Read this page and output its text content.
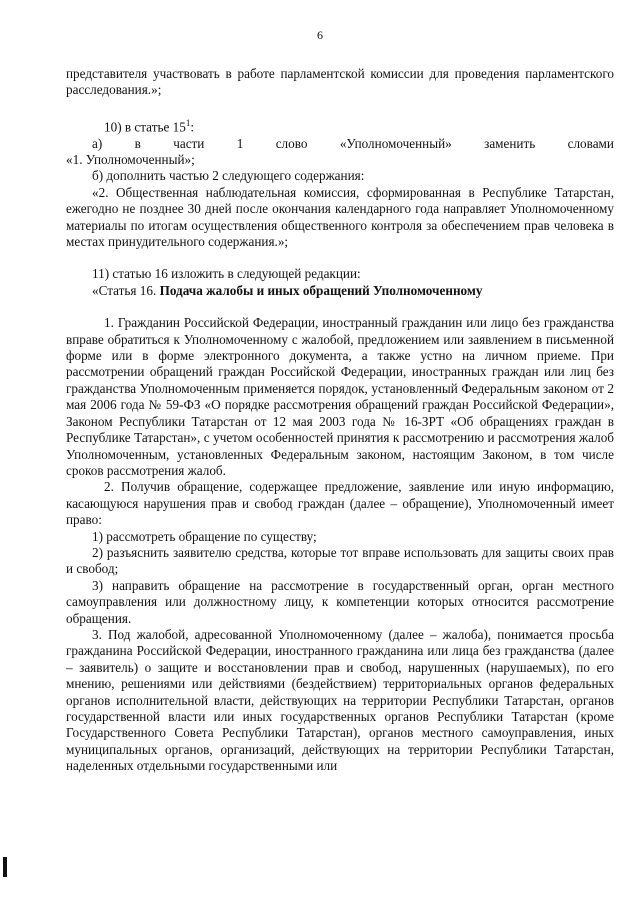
6

представителя участвовать в работе парламентской комиссии для проведения парламентского расследования.»;

10) в статье $15^1$:

а) в части 1 слово «Уполномоченный» заменить словами

«1. Уполномоченный»;

б) дополнить частью 2 следующего содержания:

«2. Общественная наблюдательная комиссия, сформированная в Республике Татарстан, ежегодно не позднее 30 дней после окончания календарного года направляет Уполномоченному материалы по итогам осуществления общественного контроля за обеспечением прав человека в местах принудительного содержания.»;

11) статью 16 изложить в следующей редакции:

«Статья 16. Подача жалобы и иных обращений Уполномоченному

1. Гражданин Российской Федерации, иностранный гражданин или лицо без гражданства вправе обратиться к Уполномоченному с жалобой, предложением или заявлением в письменной форме или в форме электронного документа, а также устно на личном приеме. При рассмотрении обращений граждан Российской Федерации, иностранных граждан или лиц без гражданства Уполномоченным применяется порядок, установленный Федеральным законом от 2 мая 2006 года № 59-ФЗ «О порядке рассмотрения обращений граждан Российской Федерации», Законом Республики Татарстан от 12 мая 2003 года № 16-ЗРТ «Об обращениях граждан в Республике Татарстан», с учетом особенностей принятия к рассмотрению и рассмотрения жалоб Уполномоченным, установленных Федеральным законом, настоящим Законом, в том числе сроков рассмотрения жалоб.

2. Получив обращение, содержащее предложение, заявление или иную информацию, касающуюся нарушения прав и свобод граждан (далее – обращение), Уполномоченный имеет право:

1) рассмотреть обращение по существу;

2) разъяснить заявителю средства, которые тот вправе использовать для защиты своих прав и свобод;

3) направить обращение на рассмотрение в государственный орган, орган местного самоуправления или должностному лицу, к компетенции которых относится рассмотрение обращения.

3. Под жалобой, адресованной Уполномоченному (далее – жалоба), понимается просьба гражданина Российской Федерации, иностранного гражданина или лица без гражданства (далее – заявитель) о защите и восстановлении прав и свобод, нарушенных (нарушаемых), по его мнению, решениями или действиями (бездействием) территориальных органов федеральных органов исполнительной власти, действующих на территории Республики Татарстан, органов государственной власти или иных государственных органов Республики Татарстан (кроме Государственного Совета Республики Татарстан), органов местного самоуправления, иных муниципальных органов, организаций, действующих на территории Республики Татарстан, наделенных отдельными государственными или
